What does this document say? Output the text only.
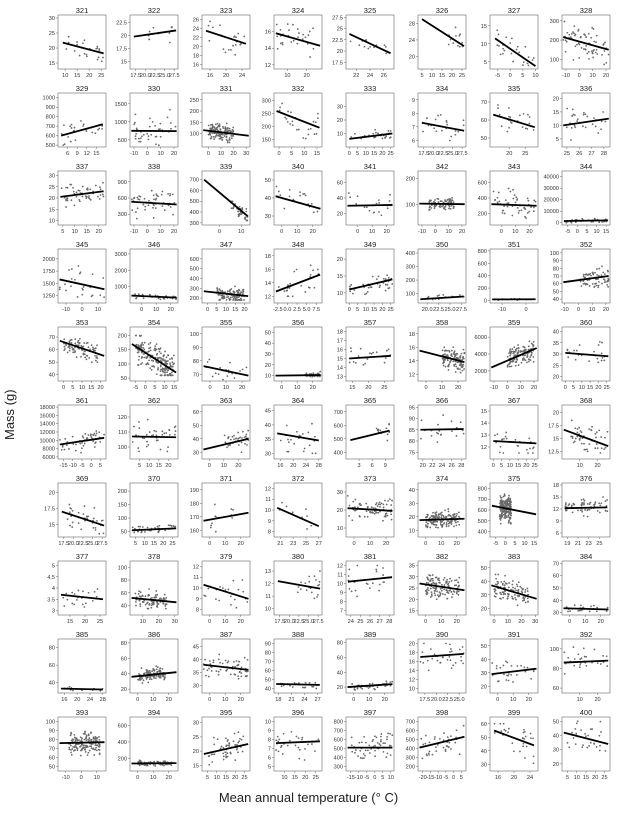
321
15
20
25
30
10 15 20 25
322
15
17.5
20
22.5
17.5
20.0
22.5
25.0
27.5
323
16
18
20
22
24
26
16 20 24
324
12
14
16
10 20
325
17.5
20
22.5
25
27.5
22 24 26
326
20
24
28
5 10 15 20 25
327
5
10
15
-5 0 5 10
328
100
200
300
-10 0 10 20
329
500
600
700
800
900
1000
6 9 12 15
330
500
1000
1500
-10 0 10 20
331
100
150
200
250
0 10 20 30
332
150
200
250
300
0 5 10 15
333
10
20
30
0 5 10 15 20 25
334
6
7
8
9
17.5
20.0
22.5
25.0
27.5
335
50
60
70
20 25
336
5
10
15
20
25 26 27 28
337
10
15
20
25
30
5 10 15 20
338
300
600
900
-10 0 10 20
339
300
400
500
600
700
0	10
340
30
40
50
0 10 20
341
20
40
60
0 10 20
342
100
200
-10 0 10 20
343
200
400
600
0 10 20
344
0
10000
20000
30000
40000
-5 0 5 10 15
345
1250
1500
1750
2000
-10 0 10
346
1000
2000
3000
0 10 20
347
200
300
400
500
600
0 5 10 15 20
348
12
14
16
18
-2.5 0.0 2.5 5.0 7.5
349
10
15
20
0 5 10 15 20 25
350
100
200
300
400
20.0 22.5 25.0 27.5
351
0
200
400
600
800
-10	0
352
40
50
60
70
80
90
100
-10 0 10 20
353
40
50
60
70
0 5 10 15 20
354
50
100
150
200
-5 0 5 10 15
355
70
80
90
100
0 10 20
356
10
20
30
40
50
0 10 20
357
13
14
15
16
17
18
15 20 25
358
12
14
16
18
0 10 20
359
2000
4000
6000
-10 0 10 20
360
20
25
30
35
40
0 5 10 15 20 25
361
6000
8000
10000
12000
14000
16000
18000
-15 -10 -5 0 5
362
100
110
120
5 10 15 20
363
30
40
50
60
0 10 20
364
30
35
40
45
16 20 24 28
365
400
500
600
700
3 6 9
366
75
80
85
90
95
20 22 24 26 28
367
12
13
14
15
0 5 10 15 20 25
368
12.5
15
17.5
20
10 20
369
15
17.5
20
17.5
20.0
22.5
25.0
27.5
370
50
100
150
200
5 10 15 20 25
371
160
170
180
190
0 10 20
372
8
9
10
11
12
21 23 25 27
373
10
20
30
0 10 20
374
10
20
30
40
0 10 20
375
400
500
600
700
800
-5 0 5 10 15
376
6
9
12
15
18
19 21 23 25
377
3
3.5
4
4.5
5
15 20 25
378
40
60
80
100
10 20 30
379
8
9
10
11
12
0 10 20
380
10
11
12
13
17.5
20.0
22.5
25.0
27.5
381
7
8
9
10
11
12
24 25 26 27 28
382
15
20
25
30
35
0 10 20
383
20
30
40
50
0 10 20 30
384
30
40
50
60
70
0 10 20
385
40
60
80
16 20 24 28
386
20
40
60
80
0 10 20
387
30
35
40
45
0 10 20
388
40
50
60
70
80
90
18 21 24 27
389
20
40
60
80
0 10 20
390
10
12
14
16
18
20
17.5 20.0 22.5 25.0
391
20
30
40
50
0 10 20
392
60
80
100
10 20
393
50
60
70
80
90
100
-10 0 10
394
200
400
600
0 10 20
395
15
20
25
30
5 10 15 20 25
396
5
6
7
8
9
10
10 15 20 25
397
300
400
500
600
700
800
-15 -10 -5 0 5 10
398
200
300
400
500
600
700
-20 -15 -10 -5 0 5
399
30
40
50
60
16 20 24
400
20
30
40
50
5 10 15 20 25
Mass (g)
Mean annual temperature (° C)
